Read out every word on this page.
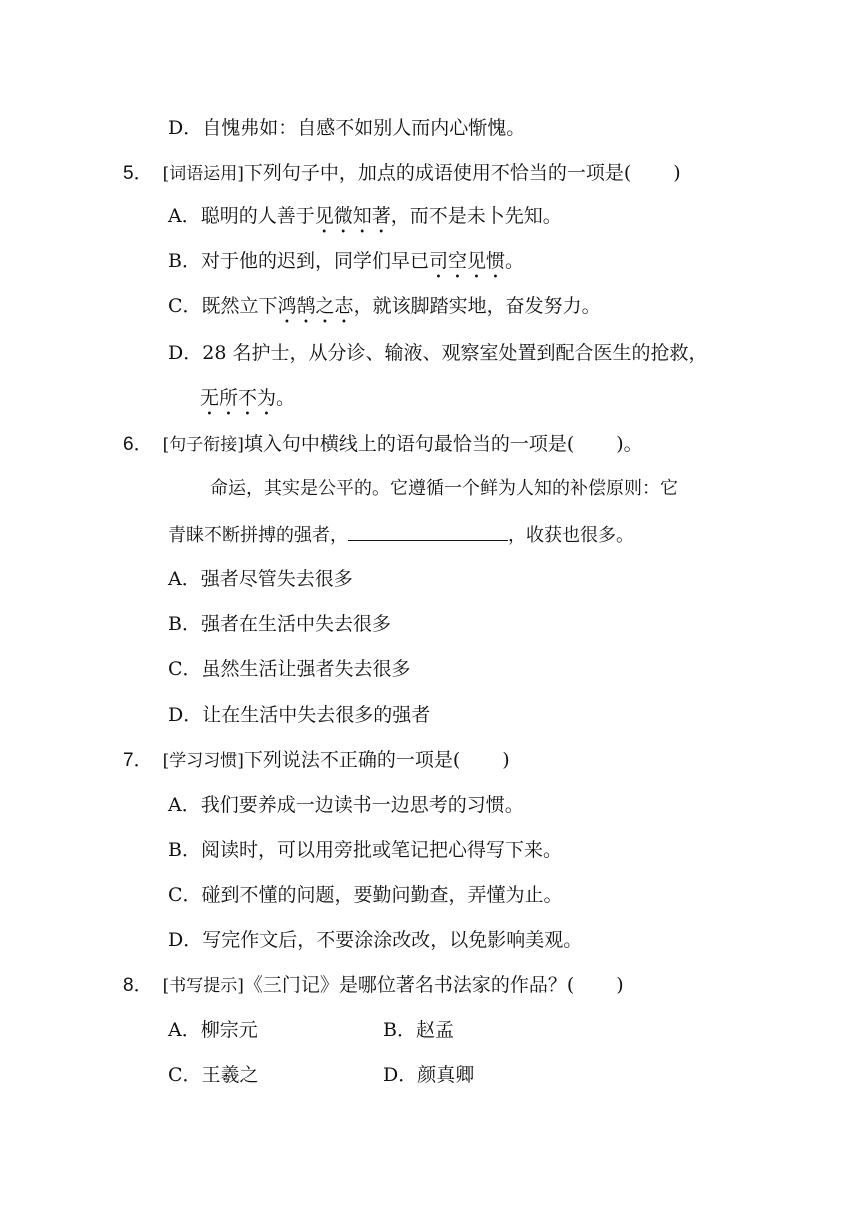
D．自愧弗如：自感不如别人而内心惭愧。
5． [词语运用]下列句子中，加点的成语使用不恰当的一项是( )
A．聪明的人善于见微知著，而不是未卜先知。
B．对于他的迟到，同学们早已司空见惯。
C．既然立下鸿鹄之志，就该脚踏实地，奋发努力。
D．28 名护士，从分诊、输液、观察室处置到配合医生的抢救，
无所不为。
6． [句子衔接]填入句中横线上的语句最恰当的一项是( )。
命运，其实是公平的。它遵循一个鲜为人知的补偿原则：它
青睐不断拼搏的强者，	，收获也很多。
A．强者尽管失去很多
B．强者在生活中失去很多
C．虽然生活让强者失去很多
D．让在生活中失去很多的强者
7． [学习习惯]下列说法不正确的一项是( )
A．我们要养成一边读书一边思考的习惯。
B．阅读时，可以用旁批或笔记把心得写下来。
C．碰到不懂的问题，要勤问勤查，弄懂为止。
D．写完作文后，不要涂涂改改，以免影响美观。
8． [书写提示]《三门记》是哪位著名书法家的作品？( )
A．柳宗元	B．赵孟
C．王羲之	D．颜真卿
